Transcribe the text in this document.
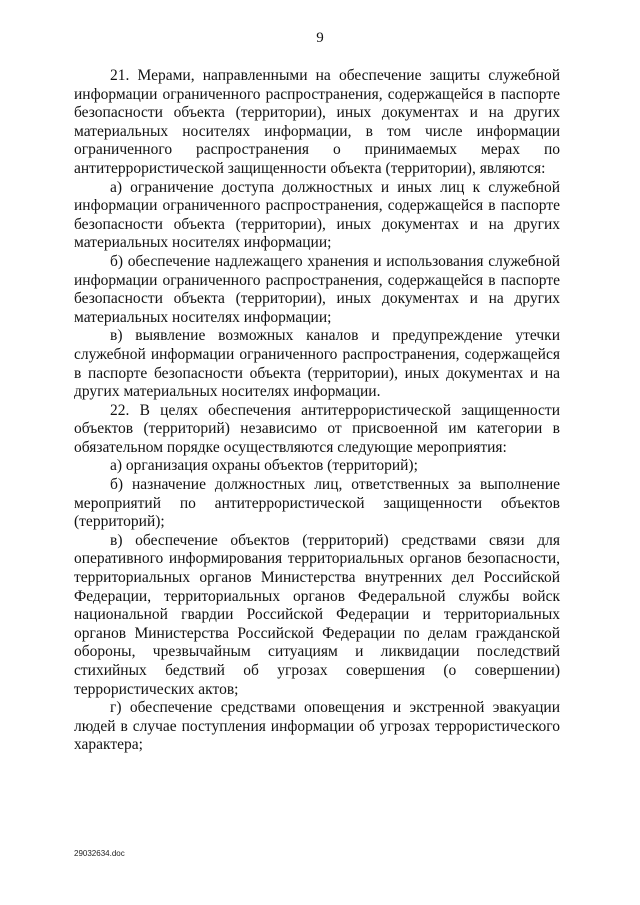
9

21. Мерами, направленными на обеспечение защиты служебной информации ограниченного распространения, содержащейся в паспорте безопасности объекта (территории), иных документах и на других материальных носителях информации, в том числе информации ограниченного распространения о принимаемых мерах по антитеррористической защищенности объекта (территории), являются:

а) ограничение доступа должностных и иных лиц к служебной информации ограниченного распространения, содержащейся в паспорте безопасности объекта (территории), иных документах и на других материальных носителях информации;

б) обеспечение надлежащего хранения и использования служебной информации ограниченного распространения, содержащейся в паспорте безопасности объекта (территории), иных документах и на других материальных носителях информации;

в) выявление возможных каналов и предупреждение утечки служебной информации ограниченного распространения, содержащейся в паспорте безопасности объекта (территории), иных документах и на других материальных носителях информации.

22. В целях обеспечения антитеррористической защищенности объектов (территорий) независимо от присвоенной им категории в обязательном порядке осуществляются следующие мероприятия:

а) организация охраны объектов (территорий);

б) назначение должностных лиц, ответственных за выполнение мероприятий по антитеррористической защищенности объектов (территорий);

в) обеспечение объектов (территорий) средствами связи для оперативного информирования территориальных органов безопасности, территориальных органов Министерства внутренних дел Российской Федерации, территориальных органов Федеральной службы войск национальной гвардии Российской Федерации и территориальных органов Министерства Российской Федерации по делам гражданской обороны, чрезвычайным ситуациям и ликвидации последствий стихийных бедствий об угрозах совершения (о совершении) террористических актов;

г) обеспечение средствами оповещения и экстренной эвакуации людей в случае поступления информации об угрозах террористического характера;

29032634.doc
